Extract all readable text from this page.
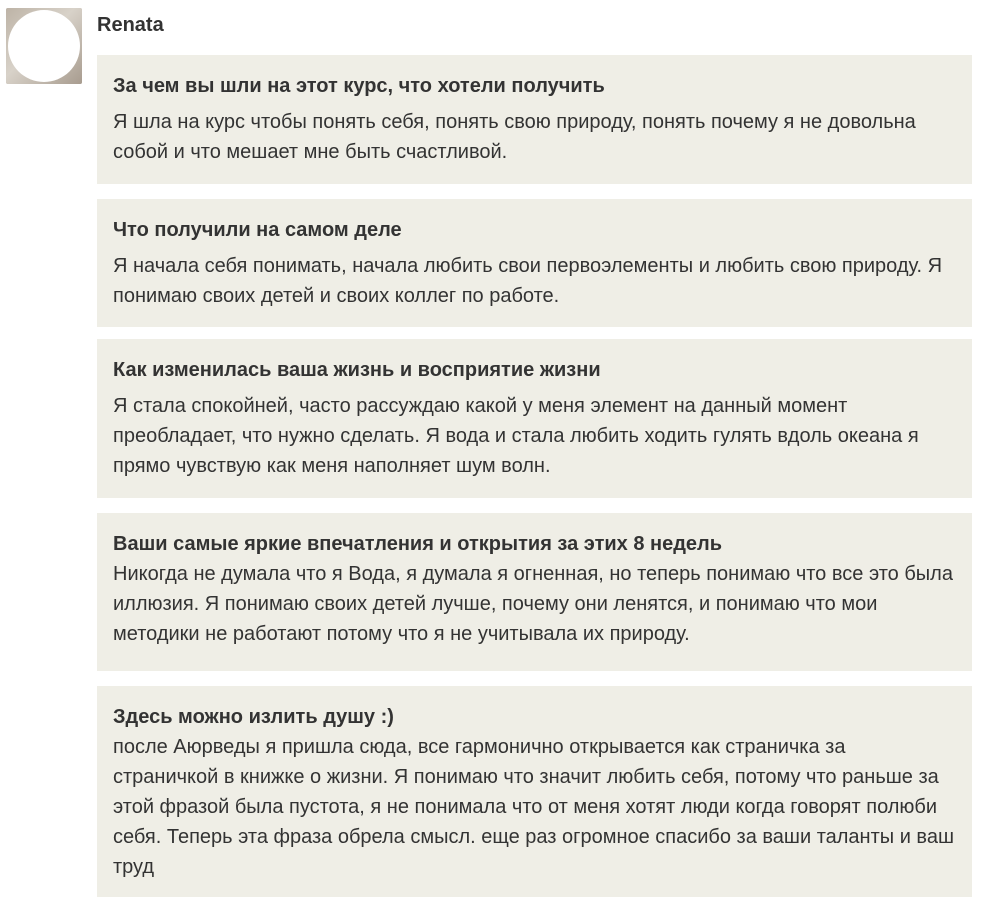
Renata
За чем вы шли на этот курс, что хотели получить
Я шла на курс чтобы понять себя, понять свою природу, понять почему я не довольна собой и что мешает мне быть счастливой.
Что получили на самом деле
Я начала себя понимать, начала любить свои первоэлементы и любить свою природу. Я понимаю своих детей и своих коллег по работе.
Как изменилась ваша жизнь и восприятие жизни
Я стала спокойней, часто рассуждаю какой у меня элемент на данный момент преобладает, что нужно сделать. Я вода и стала любить ходить гулять вдоль океана я прямо чувствую как меня наполняет шум волн.
Ваши самые яркие впечатления и открытия за этих 8 недель
Никогда не думала что я Вода, я думала я огненная, но теперь понимаю что все это была иллюзия. Я понимаю своих детей лучше, почему они ленятся, и понимаю что мои методики не работают потому что я не учитывала их природу.
Здесь можно излить душу :)
после Аюрведы я пришла сюда, все гармонично открывается как страничка за страничкой в книжке о жизни. Я понимаю что значит любить себя, потому что раньше за этой фразой была пустота, я не понимала что от меня хотят люди когда говорят полюби себя. Теперь эта фраза обрела смысл. еще раз огромное спасибо за ваши таланты и ваш труд
